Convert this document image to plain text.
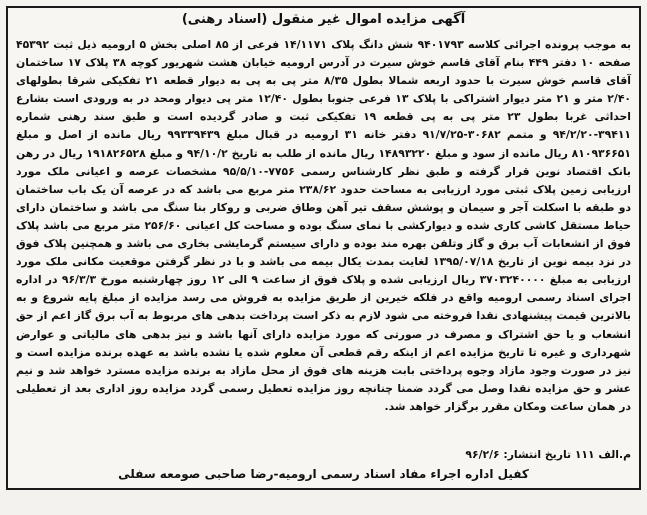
آگهی مزایده اموال غیر منقول (اسناد رهنی)
به موجب پرونده اجرائی کلاسه ۹۴۰۱۷۹۳ شش دانگ پلاک ۱۴/۱۱۷۱ فرعی از ۸۵ اصلی بخش ۵ ارومیه ذیل ثبت ۴۵۳۹۲ صفحه ۱۰ دفتر ۴۴۹ بنام آقای قاسم خوش سیرت در آدرس ارومیه خیابان هشت شهریور کوچه ۳۸ پلاک ۱۷ ساختمان آقای قاسم خوش سیرت با حدود اربعه شمالا بطول ۸/۳۵ متر پی به پی به دیوار قطعه ۲۱ تفکیکی شرقا بطولهای ۲/۴۰ متر و ۲۱ متر دیوار اشتراکی با پلاک ۱۳ فرعی جنوبا بطول ۱۲/۴۰ متر پی دیوار ومحد در به ورودی است بشارع احداثی غربا بطول ۲۳ متر پی به پی قطعه ۱۹ تفکیکی ثبت و صادر گردیده است و طبق سند رهنی شماره ۳۹۴۱۱-۹۴/۲/۲۰ و متمم ۳۰۶۸۲-۹۱/۷/۲۵ دفتر خانه ۳۱ ارومیه در قبال مبلغ ۹۹۳۳۹۴۳۹ ریال مانده از اصل و مبلغ ۸۱۰۹۳۶۶۵۱ ریال مانده از سود و مبلغ ۱۴۸۹۳۲۲۰ ریال مانده از طلب به تاریخ ۹۴/۱۰/۲ و مبلغ ۱۹۱۸۲۶۵۲۸ ریال در رهن بانک اقتصاد نوین قرار گرفته و طبق نظر کارشناس رسمی ۷۷۵۶-۹۵/۵/۱۰ مشخصات عرصه و اعیانی ملک مورد ارزیابی زمین پلاک ثبتی مورد ارزیابی به مساحت حدود ۲۳۸/۶۲ متر مربع می باشد که در عرصه آن یک باب ساختمان دو طبقه با اسکلت آجر و سیمان و پوشش سقف تیر آهن وطاق ضربی و روکار بنا سنگ می باشد و ساختمان دارای حیاط مستقل کاشی کاری شده و دیوارکشی با نمای سنگ بوده و مساحت کل اعیانی ۲۵۶/۶۰ متر مربع می باشد پلاک فوق از انشعابات آب برق و گاز وتلفن بهره مند بوده و دارای سیستم گرمایشی بخاری می باشد و همچنین پلاک فوق در نزد بیمه نوین از تاریخ ۱۳۹۵/۰۷/۱۸ لغایت بمدت یکال بیمه می باشد و با در نظر گرفتن موقعیت مکانی ملک مورد ارزیابی به مبلغ ۳۷۰۳۲۴۰۰۰۰ ریال ارزیابی شده و پلاک فوق از ساعت ۹ الی ۱۲ روز چهارشنبه مورخ ۹۶/۳/۳ در اداره اجرای اسناد رسمی ارومیه واقع در فلکه خیرین از طریق مزایده به فروش می رسد مزایده از مبلغ پایه شروع و به بالاترین قیمت پیشنهادی نقدا فروخته می شود لازم به ذکر است پرداخت بدهی های مربوط به آب برق گاز اعم از حق انشعاب و یا حق اشتراک و مصرف در صورتی که مورد مزایده دارای آنها باشد و نیز بدهی های مالیاتی و عوارض شهرداری و غیره تا تاریخ مزایده اعم از اینکه رقم قطعی آن معلوم شده یا نشده باشد به عهده برنده مزایده است و نیز در صورت وجود مازاد وجوه پرداختی بابت هزینه های فوق از محل مازاد به برنده مزایده مسترد خواهد شد و نیم عشر و حق مزایده نقدا وصل می گردد ضمنا چنانچه روز مزایده تعطیل رسمی گردد مزایده روز اداری بعد از تعطیلی در همان ساعت ومکان مقرر برگزار خواهد شد.
م.الف ۱۱۱ تاریخ انتشار: ۹۶/۲/۶
کفیل اداره اجراء مفاد اسناد رسمی ارومیه-رضا صاحبی صومعه سفلی
